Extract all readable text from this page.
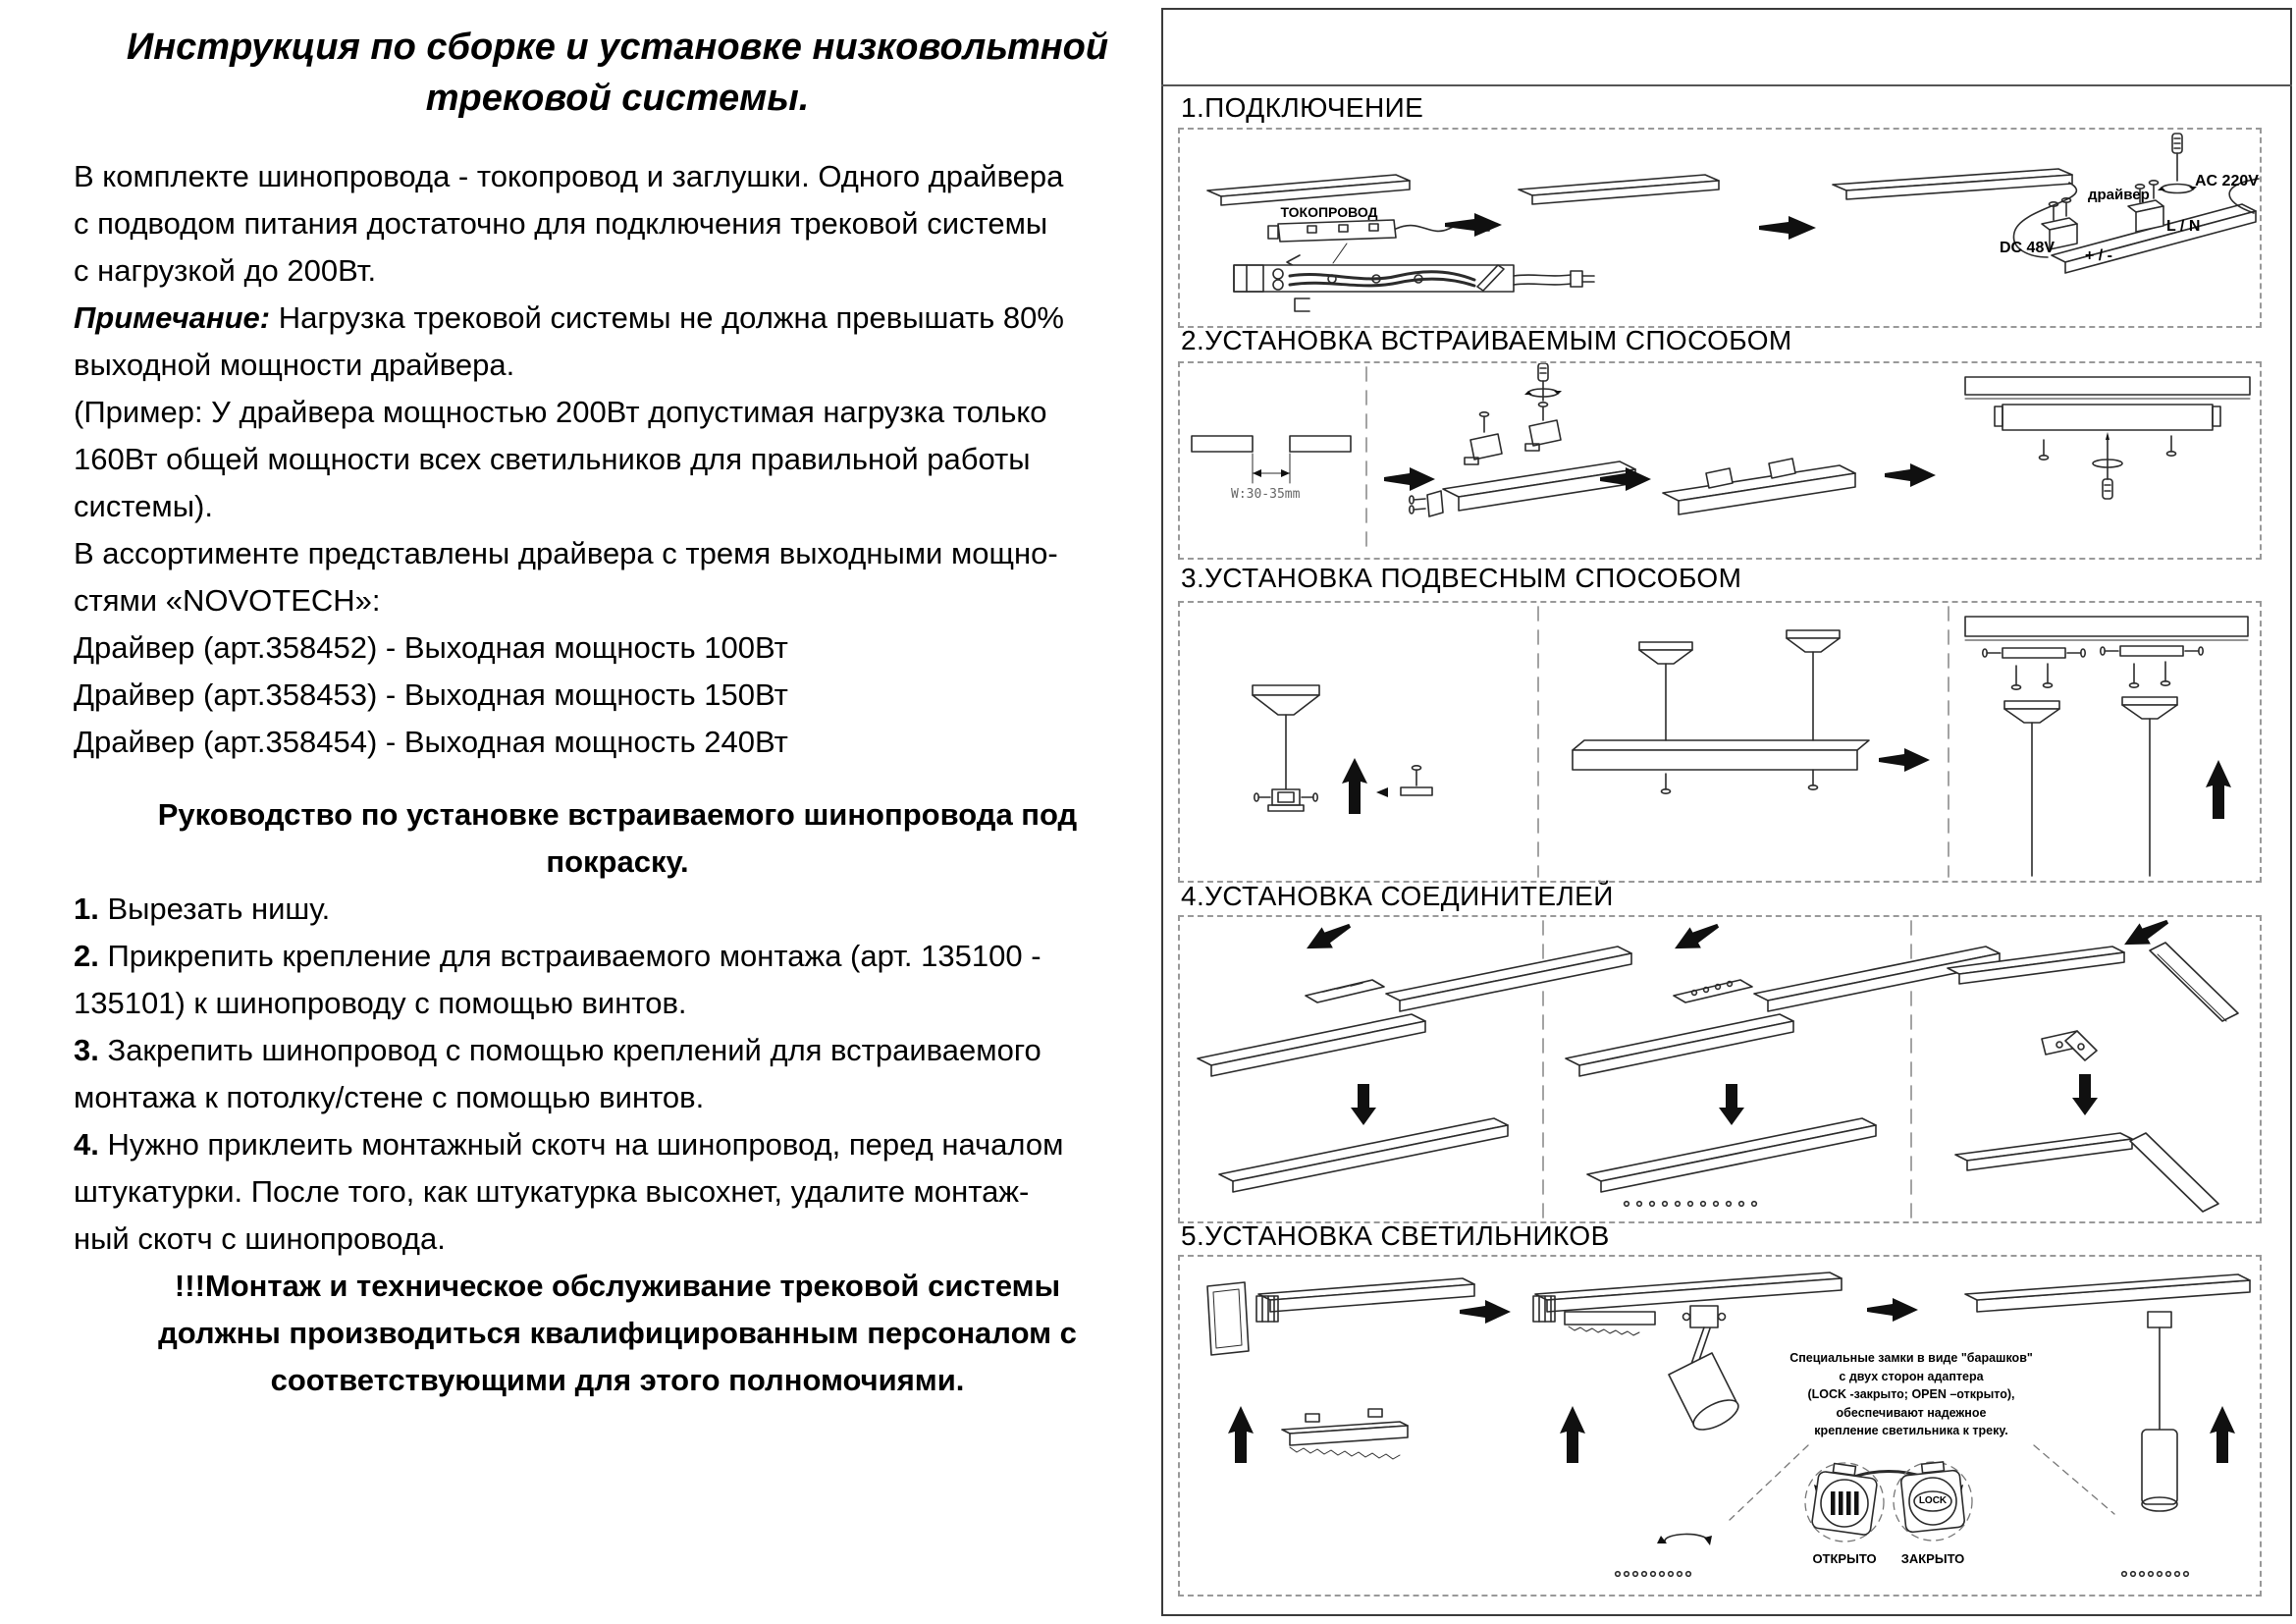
Инструкция по сборке и установке низковольтной
трековой системы.
В комплекте шинопровода - токопровод и заглушки. Одного драйвера
с подводом питания достаточно для подключения трековой системы
с нагрузкой до 200Вт.
Примечание: Нагрузка трековой системы не должна превышать 80%
выходной мощности драйвера.
(Пример: У драйвера мощностью 200Вт допустимая нагрузка только
160Вт общей мощности всех светильников для правильной работы
системы).
В ассортименте представлены драйвера с тремя выходными мощно-
стями «NOVOTECH»:
Драйвер (арт.358452) - Выходная мощность 100Вт
Драйвер (арт.358453) - Выходная мощность 150Вт
Драйвер (арт.358454) - Выходная мощность 240Вт
Руководство по установке встраиваемого шинопровода под
покраску.
1. Вырезать нишу.
2. Прикрепить крепление для встраиваемого монтажа (арт. 135100 -
135101) к шинопроводу с помощью винтов.
3. Закрепить шинопровод с помощью креплений для встраиваемого
монтажа к потолку/стене с помощью винтов.
4. Нужно приклеить монтажный скотч на шинопровод, перед началом
штукатурки. После того, как штукатурка высохнет, удалите монтаж-
ный скотч с шинопровода.
!!!Монтаж и техническое обслуживание трековой системы
должны производиться квалифицированным персоналом с
соответствующими для этого полномочиями.
1.ПОДКЛЮЧЕНИЕ
2.УСТАНОВКА ВСТРАИВАЕМЫМ СПОСОБОМ
3.УСТАНОВКА ПОДВЕСНЫМ СПОСОБОМ
4.УСТАНОВКА СОЕДИНИТЕЛЕЙ
5.УСТАНОВКА СВЕТИЛЬНИКОВ
ТОКОПРОВОД
драйвер
AC 220V
L / N
DC 48V + / -
W:30-35mm
Специальные замки в виде "барашков"
с двух сторон адаптера
(LOCK -закрыто; OPEN –открыто),
обеспечивают надежное
крепление светильника к треку.
LOCK
ОТКРЫТО	ЗАКРЫТО
